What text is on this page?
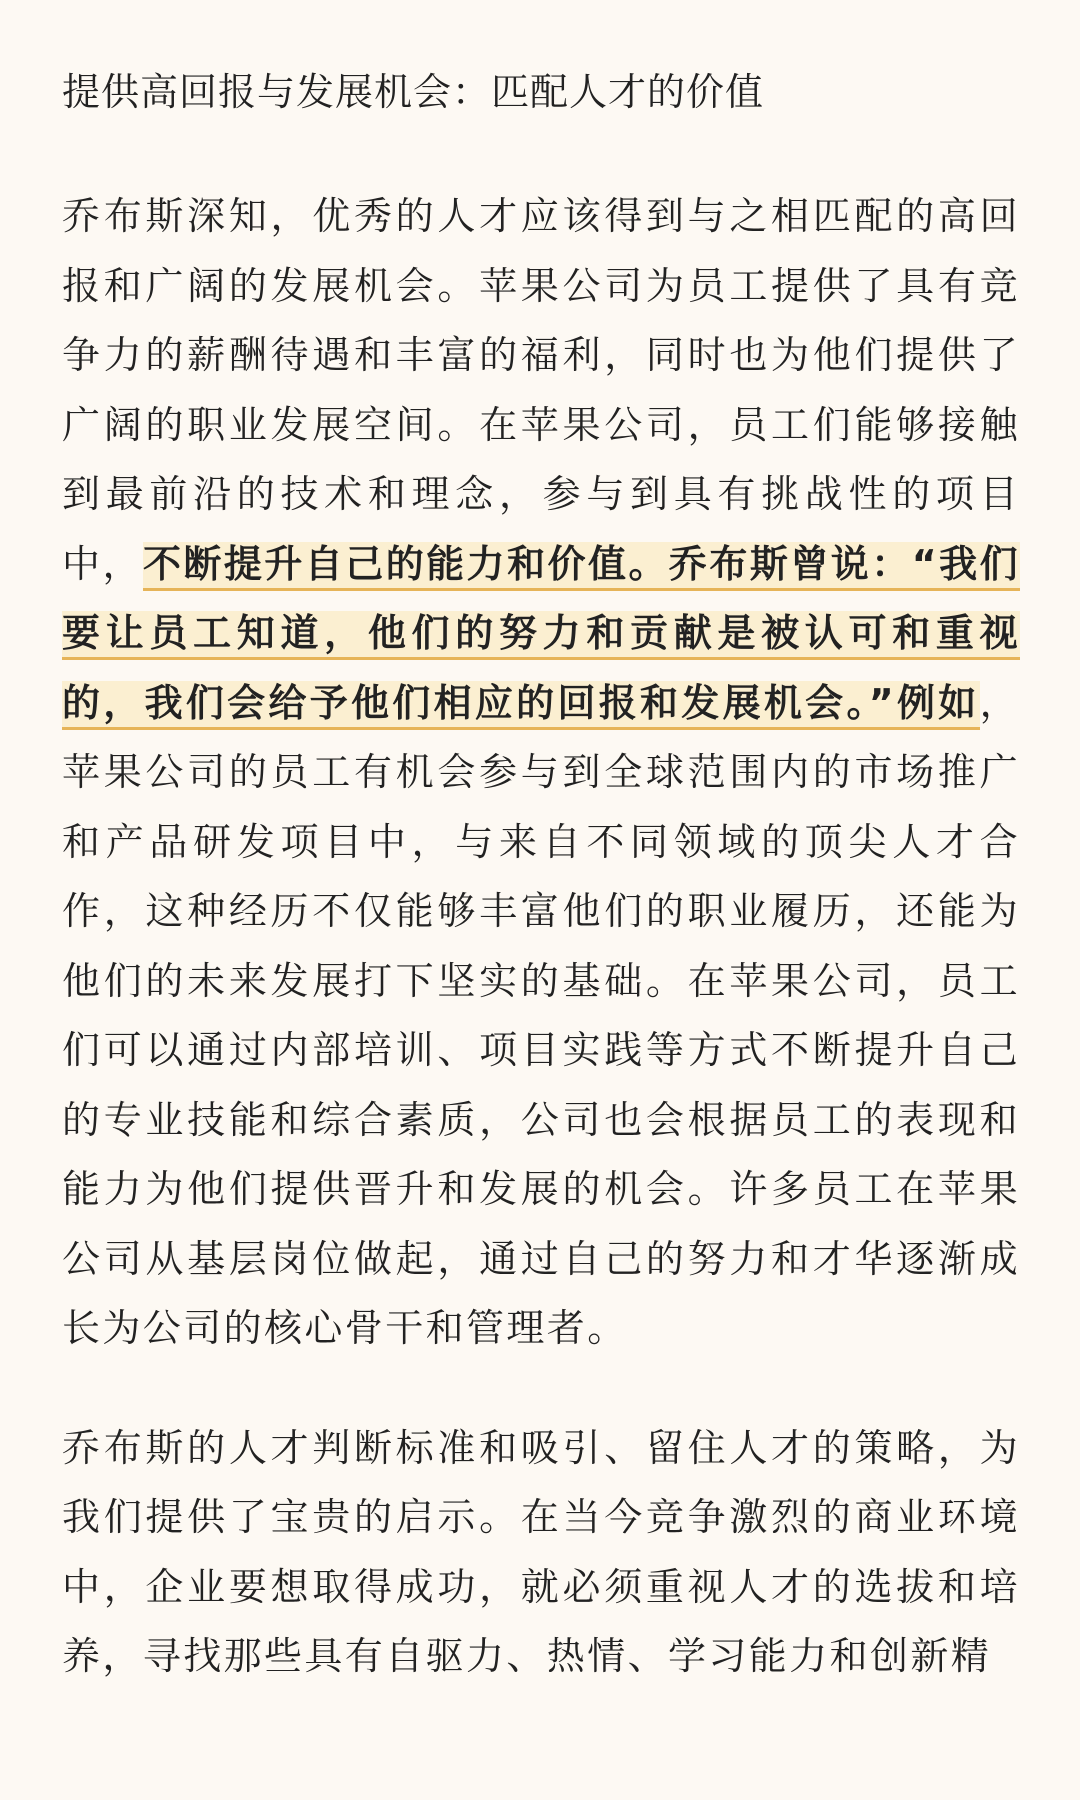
提供高回报与发展机会：匹配人才的价值

乔布斯深知，优秀的人才应该得到与之相匹配的高回报和广阔的发展机会。苹果公司为员工提供了具有竞争力的薪酬待遇和丰富的福利，同时也为他们提供了广阔的职业发展空间。在苹果公司，员工们能够接触到最前沿的技术和理念，参与到具有挑战性的项目中，不断提升自己的能力和价值。乔布斯曾说：“我们要让员工知道，他们的努力和贡献是被认可和重视的，我们会给予他们相应的回报和发展机会。”例如，苹果公司的员工有机会参与到全球范围内的市场推广和产品研发项目中，与来自不同领域的顶尖人才合作，这种经历不仅能够丰富他们的职业履历，还能为他们的未来发展打下坚实的基础。在苹果公司，员工们可以通过内部培训、项目实践等方式不断提升自己的专业技能和综合素质，公司也会根据员工的表现和能力为他们提供晋升和发展的机会。许多员工在苹果公司从基层岗位做起，通过自己的努力和才华逐渐成长为公司的核心骨干和管理者。

乔布斯的人才判断标准和吸引、留住人才的策略，为我们提供了宝贵的启示。在当今竞争激烈的商业环境中，企业要想取得成功，就必须重视人才的选拔和培养，寻找那些具有自驱力、热情、学习能力和创新精
